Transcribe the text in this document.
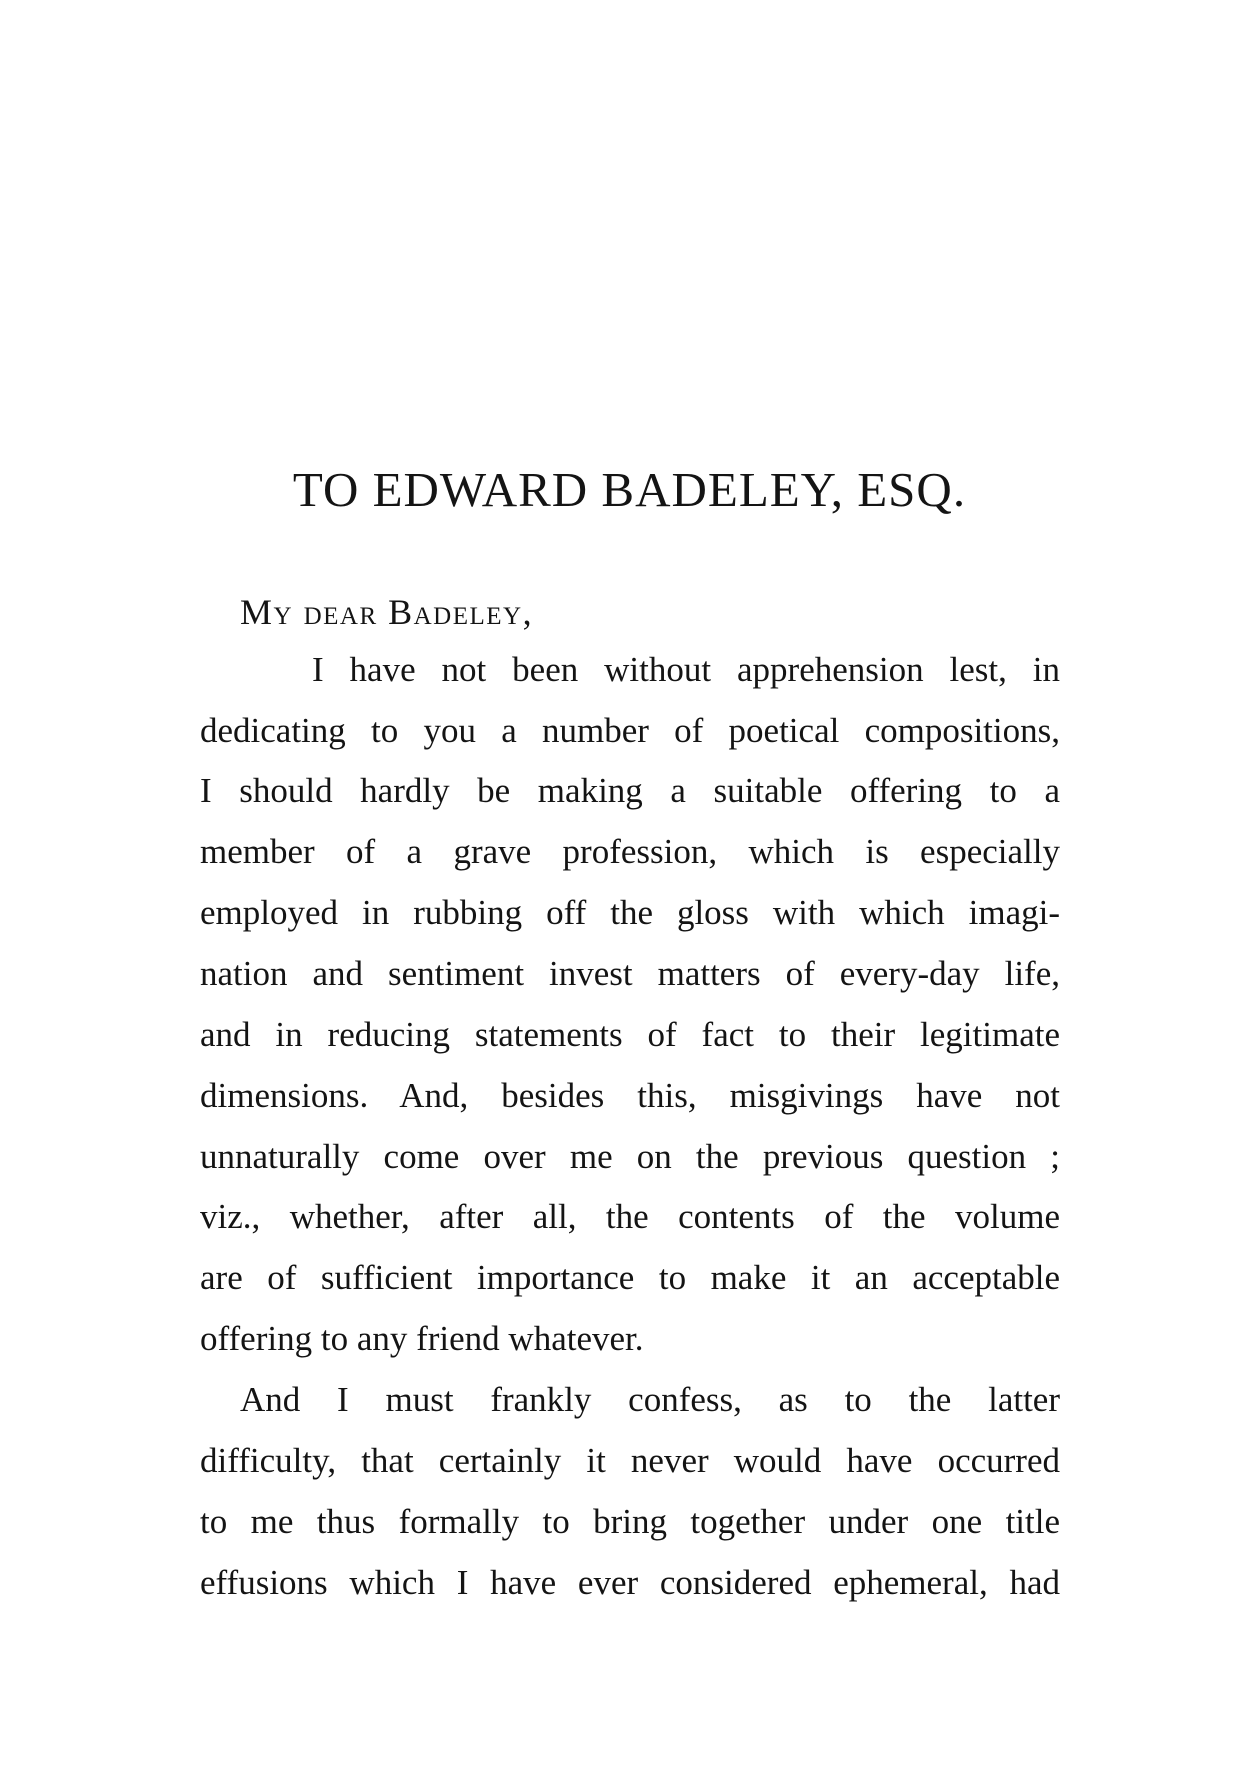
TO EDWARD BADELEY, ESQ.
My dear Badeley,
I have not been without apprehension lest, in
dedicating to you a number of poetical compositions,
I should hardly be making a suitable offering to a
member of a grave profession, which is especially
employed in rubbing off the gloss with which imagi-
nation and sentiment invest matters of every-day life,
and in reducing statements of fact to their legitimate
dimensions. And, besides this, misgivings have not
unnaturally come over me on the previous question ;
viz., whether, after all, the contents of the volume
are of sufficient importance to make it an acceptable
offering to any friend whatever.
And I must frankly confess, as to the latter
difficulty, that certainly it never would have occurred
to me thus formally to bring together under one title
effusions which I have ever considered ephemeral, had
